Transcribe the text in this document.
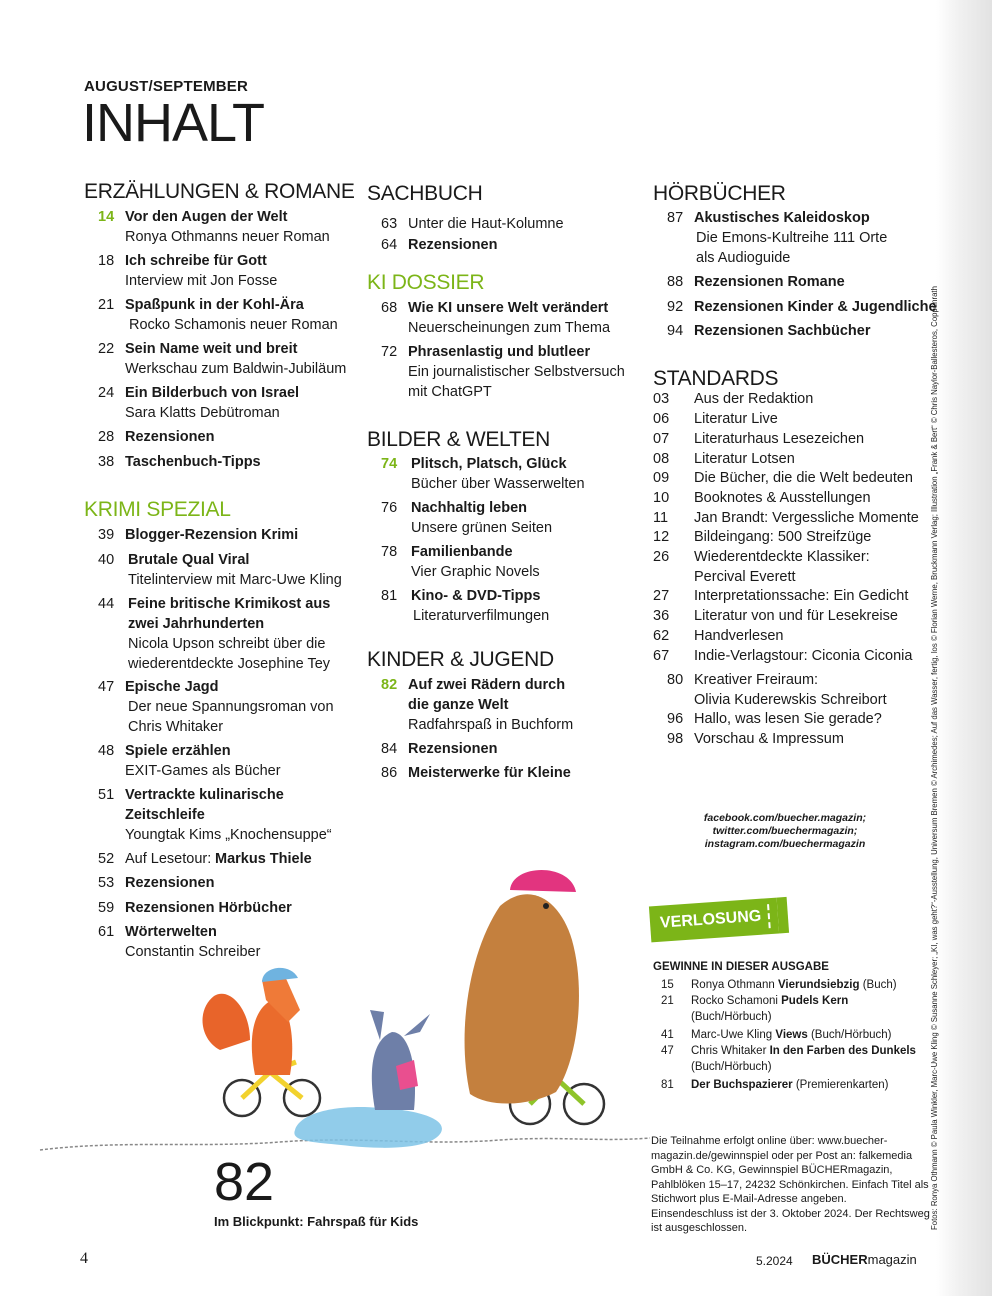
AUGUST/SEPTEMBER
INHALT
ERZÄHLUNGEN & ROMANE
14 Vor den Augen der Welt
Ronya Othmanns neuer Roman
18 Ich schreibe für Gott
Interview mit Jon Fosse
21 Spaßpunk in der Kohl-Ära
Rocko Schamonis neuer Roman
22 Sein Name weit und breit
Werkschau zum Baldwin-Jubiläum
24 Ein Bilderbuch von Israel
Sara Klatts Debütroman
28 Rezensionen
38 Taschenbuch-Tipps
KRIMI SPEZIAL
39 Blogger-Rezension Krimi
40 Brutale Qual Viral
Titelinterview mit Marc-Uwe Kling
44 Feine britische Krimikost aus
zwei Jahrhunderten
Nicola Upson schreibt über die
wiederentdeckte Josephine Tey
47 Epische Jagd
Der neue Spannungsroman von
Chris Whitaker
48 Spiele erzählen
EXIT-Games als Bücher
51 Vertrackte kulinarische
Zeitschleife
Youngtak Kims „Knochensuppe“
52 Auf Lesetour: Markus Thiele
53 Rezensionen
59 Rezensionen Hörbücher
61 Wörterwelten
Constantin Schreiber
SACHBUCH
63 Unter die Haut-Kolumne
64 Rezensionen
KI DOSSIER
68 Wie KI unsere Welt verändert
Neuerscheinungen zum Thema
72 Phrasenlastig und blutleer
Ein journalistischer Selbstversuch
mit ChatGPT
BILDER & WELTEN
74 Plitsch, Platsch, Glück
Bücher über Wasserwelten
76 Nachhaltig leben
Unsere grünen Seiten
78 Familienbande
Vier Graphic Novels
81 Kino- & DVD-Tipps
Literaturverfilmungen
KINDER & JUGEND
82 Auf zwei Rädern durch
die ganze Welt
Radfahrspaß in Buchform
84 Rezensionen
86 Meisterwerke für Kleine
HÖRBÜCHER
87 Akustisches Kaleidoskop
Die Emons-Kultreihe 111 Orte
als Audioguide
88 Rezensionen Romane
92 Rezensionen Kinder & Jugendliche
94 Rezensionen Sachbücher
STANDARDS
03 Aus der Redaktion
06 Literatur Live
07 Literaturhaus Lesezeichen
08 Literatur Lotsen
09 Die Bücher, die die Welt bedeuten
10 Booknotes & Ausstellungen
11 Jan Brandt: Vergessliche Momente
12 Bildeingang: 500 Streifzüge
26 Wiederentdeckte Klassiker:
Percival Everett
27 Interpretationssache: Ein Gedicht
36 Literatur von und für Lesekreise
62 Handverlesen
67 Indie-Verlagstour: Ciconia Ciconia
80 Kreativer Freiraum:
Olivia Kuderewskis Schreibort
96 Hallo, was lesen Sie gerade?
98 Vorschau & Impressum
facebook.com/buecher.magazin;
twitter.com/buechermagazin;
instagram.com/buechermagazin
VERLOSUNG
GEWINNE IN DIESER AUSGABE
15 Ronya Othmann Vierundsiebzig (Buch)
21 Rocko Schamoni Pudels Kern
(Buch/Hörbuch)
41 Marc-Uwe Kling Views (Buch/Hörbuch)
47 Chris Whitaker In den Farben des Dunkels
(Buch/Hörbuch)
81 Der Buchspazierer (Premierenkarten)
Die Teilnahme erfolgt online über: www.buecher-magazin.de/gewinnspiel oder per Post an: falkemedia GmbH & Co. KG, Gewinnspiel BÜCHERmagazin, Pahlblöken 15–17, 24232 Schönkirchen. Einfach Titel als Stichwort plus E-Mail-Adresse angeben. Einsendeschluss ist der 3. Oktober 2024. Der Rechtsweg ist ausgeschlossen.
82
Im Blickpunkt: Fahrspaß für Kids
4	5.2024 BÜCHERmagazin
Fotos: Ronya Othmann © Paula Winkler, Marc-Uwe Kling © Susanne Schleyer; „KI, was geht?“-Ausstellung, Universum Bremen © Archimedes; Auf das Wasser, fertig, los © Florian Werne, Bruckmann Verlag; Illustration „Frank & Bert“ © Chris Naylor-Ballesteros, Coppenrath
